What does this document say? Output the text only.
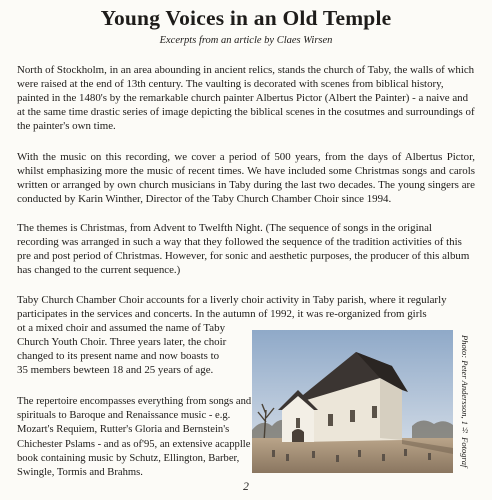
Young Voices in an Old Temple
Excerpts from an article by Claes Wirsen

North of Stockholm, in an area abounding in ancient relics, stands the church of Taby, the walls of which were raised at the end of 13th century. The vaulting is decorated with scenes from biblical history, painted in the 1480's by the remarkable church painter Albertus Pictor (Albert the Painter) - a naive and at the same time drastic series of image depicting the biblical scenes in the cosutmes and surroundings of the painter's own time.

With the music on this recording, we cover a period of 500 years, from the days of Albertus Pictor, whilst emphasizing more the music of recent times. We have included some Christmas songs and carols written or arranged by own church musicians in Taby during the last two decades. The young singers are conducted by Karin Winther, Director of the Taby Church Chamber Choir since 1994.

The themes is Christmas, from Advent to Twelfth Night. (The sequence of songs in the original recording was arranged in such a way that they followed the sequence of the tradition activities of this pre and post period of Christmas. However, for sonic and aesthetic purposes, the producer of this album has changed to the current sequence.)

Taby Church Chamber Choir accounts for a liverly choir activity in Taby parish, where it regularly
participates in the services and concerts. In the autumn of 1992, it was re-organized from girls
ot a mixed choir and assumed the name of Taby
Church Youth Choir. Three years later, the choir
changed to its present name and now boasts to
35 members bewteen 18 and 25 years of age.

The repertoire encompasses everything from songs and spirituals to Baroque and Renaissance music - e.g. Mozart's Requiem, Rutter's Gloria and Bernstein's Chichester Pslams - and as of'95, an extensive acapplle book containing music by Schutz, Ellington, Barber, Swingle, Tormis and Brahms.

Photo: Peter Andersson, 1½ Fotograf
2
